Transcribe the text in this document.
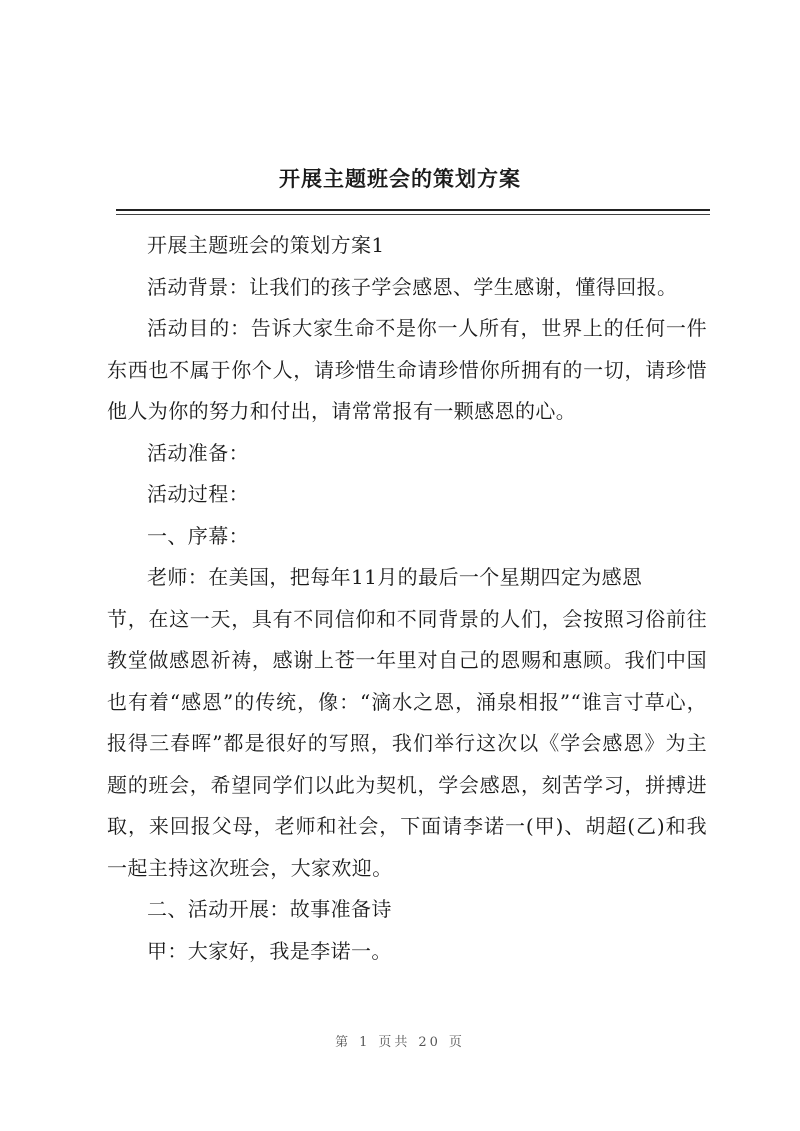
开展主题班会的策划方案

开展主题班会的策划方案1

活动背景：让我们的孩子学会感恩、学生感谢，懂得回报。

活动目的：告诉大家生命不是你一人所有，世界上的任何一件东西也不属于你个人，请珍惜生命请珍惜你所拥有的一切，请珍惜他人为你的努力和付出，请常常报有一颗感恩的心。

活动准备：

活动过程：

一、序幕：

老师：在美国，把每年11月的最后一个星期四定为感恩

节，在这一天，具有不同信仰和不同背景的人们，会按照习俗前往教堂做感恩祈祷，感谢上苍一年里对自己的恩赐和惠顾。我们中国也有着“感恩”的传统，像：“滴水之恩，涌泉相报”“谁言寸草心，报得三春晖”都是很好的写照，我们举行这次以《学会感恩》为主题的班会，希望同学们以此为契机，学会感恩，刻苦学习，拼搏进取，来回报父母，老师和社会，下面请李诺一(甲)、胡超(乙)和我一起主持这次班会，大家欢迎。

二、活动开展：故事准备诗

甲：大家好，我是李诺一。

第 1 页共 20 页
